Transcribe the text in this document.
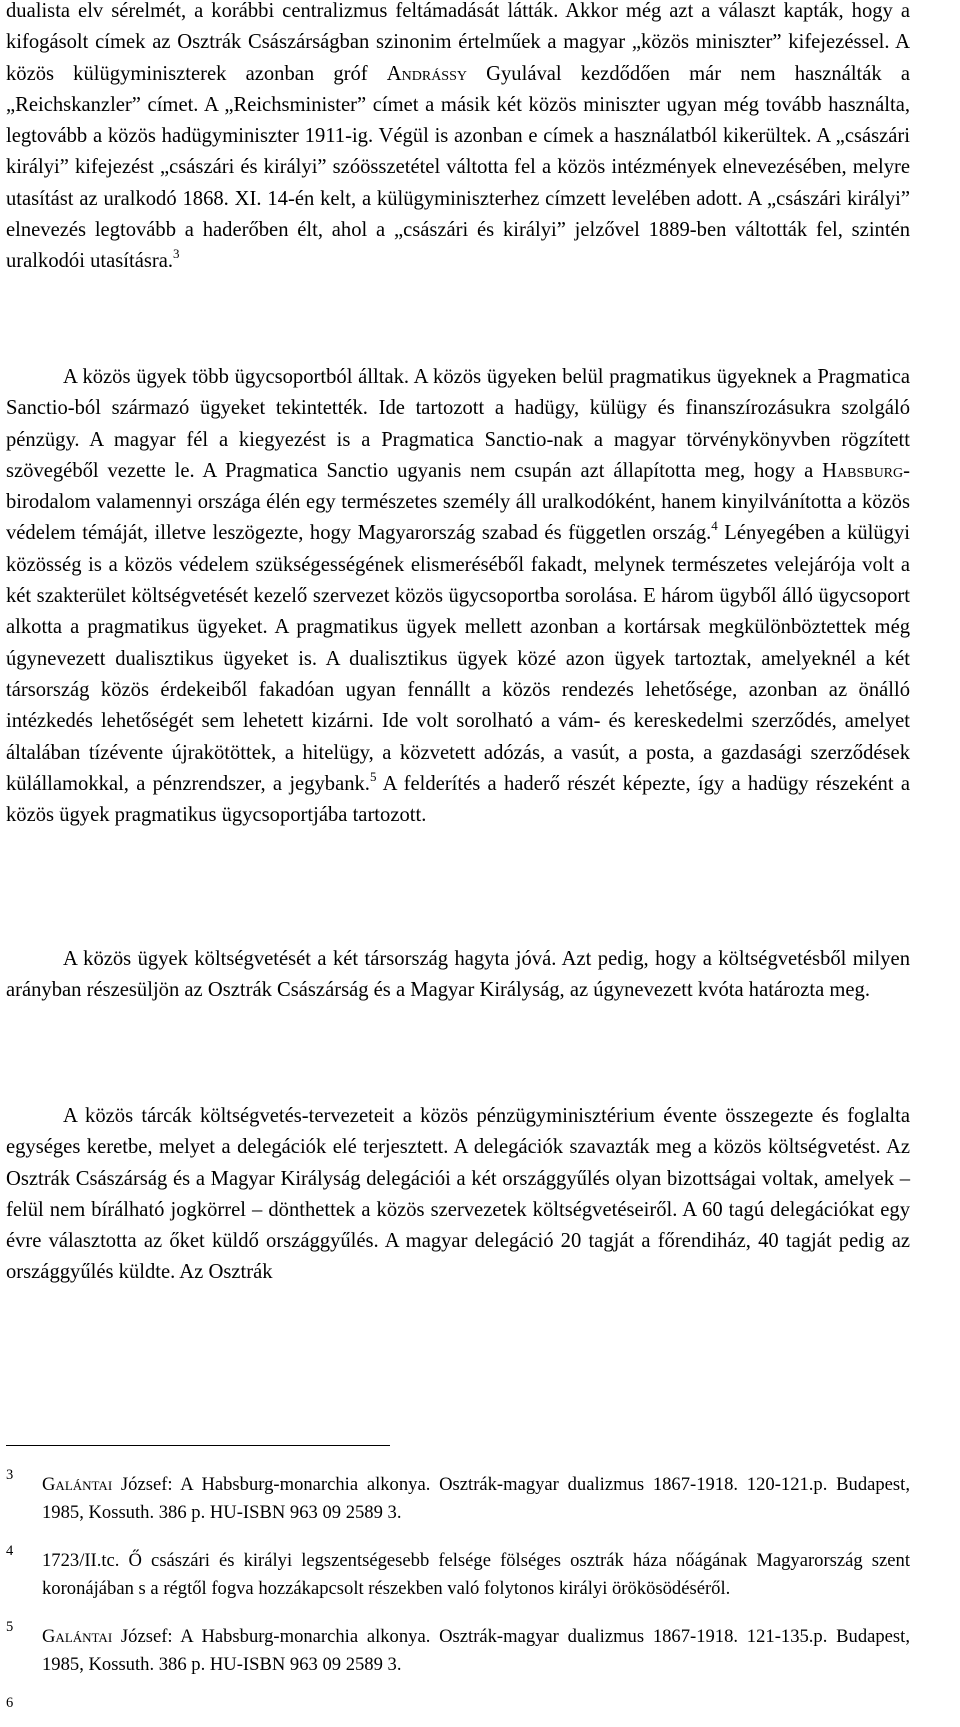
dualista elv sérelmét, a korábbi centralizmus feltámadását látták. Akkor még azt a választ kapták, hogy a kifogásolt címek az Osztrák Császárságban szinonim értelműek a magyar „közös miniszter” kifejezéssel. A közös külügyminiszterek azonban gróf Andrássy Gyulával kezdődően már nem használták a „Reichskanzler” címet. A „Reichsminister” címet a másik két közös miniszter ugyan még tovább használta, legtovább a közös hadügyminiszter 1911-ig. Végül is azonban e címek a használatból kikerültek. A „császári királyi” kifejezést „császári és királyi” szóösszetétel váltotta fel a közös intézmények elnevezésében, melyre utasítást az uralkodó 1868. XI. 14-én kelt, a külügyminiszterhez címzett levelében adott. A „császári királyi” elnevezés legtovább a haderőben élt, ahol a „császári és királyi” jelzővel 1889-ben váltották fel, szintén uralkodói utasításra.$^3$

A közös ügyek több ügycsoportból álltak. A közös ügyeken belül pragmatikus ügyeknek a Pragmatica Sanctio-ból származó ügyeket tekintették. Ide tartozott a hadügy, külügy és finanszírozásukra szolgáló pénzügy. A magyar fél a kiegyezést is a Pragmatica Sanctio-nak a magyar törvénykönyvben rögzített szövegéből vezette le. A Pragmatica Sanctio ugyanis nem csupán azt állapította meg, hogy a Habsburg-birodalom valamennyi országa élén egy természetes személy áll uralkodóként, hanem kinyilvánította a közös védelem témáját, illetve leszögezte, hogy Magyarország szabad és független ország.$^4$ Lényegében a külügyi közösség is a közös védelem szükségességének elismeréséből fakadt, melynek természetes velejárója volt a két szakterület költségvetését kezelő szervezet közös ügycsoportba sorolása. E három ügyből álló ügycsoport alkotta a pragmatikus ügyeket. A pragmatikus ügyek mellett azonban a kortársak megkülönböztettek még úgynevezett dualisztikus ügyeket is. A dualisztikus ügyek közé azon ügyek tartoztak, amelyeknél a két társország közös érdekeiből fakadóan ugyan fennállt a közös rendezés lehetősége, azonban az önálló intézkedés lehetőségét sem lehetett kizárni. Ide volt sorolható a vám- és kereskedelmi szerződés, amelyet általában tízévente újrakötöttek, a hitelügy, a közvetett adózás, a vasút, a posta, a gazdasági szerződések külállamokkal, a pénzrendszer, a jegybank.$^5$ A felderítés a haderő részét képezte, így a hadügy részeként a közös ügyek pragmatikus ügycsoportjába tartozott.

A közös ügyek költségvetését a két társország hagyta jóvá. Azt pedig, hogy a költségvetésből milyen arányban részesüljön az Osztrák Császárság és a Magyar Királyság, az úgynevezett kvóta határozta meg.

A közös tárcák költségvetés-tervezeteit a közös pénzügyminisztérium évente összegezte és foglalta egységes keretbe, melyet a delegációk elé terjesztett. A delegációk szavazták meg a közös költségvetést. Az Osztrák Császárság és a Magyar Királyság delegációi a két országgyűlés olyan bizottságai voltak, amelyek – felül nem bírálható jogkörrel – dönthettek a közös szervezetek költségvetéseiről. A 60 tagú delegációkat egy évre választotta az őket küldő országgyűlés. A magyar delegáció 20 tagját a főrendiház, 40 tagját pedig az országgyűlés küldte. Az Osztrák

3 Galántai József: A Habsburg-monarchia alkonya. Osztrák-magyar dualizmus 1867-1918. 120-121.p. Budapest, 1985, Kossuth. 386 p. HU-ISBN 963 09 2589 3.

4 1723/II.tc. Ő császári és királyi legszentségesebb felsége fölséges osztrák háza nőágának Magyarország szent koronájában s a régtől fogva hozzákapcsolt részekben való folytonos királyi örökösödéséről.

5 Galántai József: A Habsburg-monarchia alkonya. Osztrák-magyar dualizmus 1867-1918. 121-135.p. Budapest, 1985, Kossuth. 386 p. HU-ISBN 963 09 2589 3.

6
